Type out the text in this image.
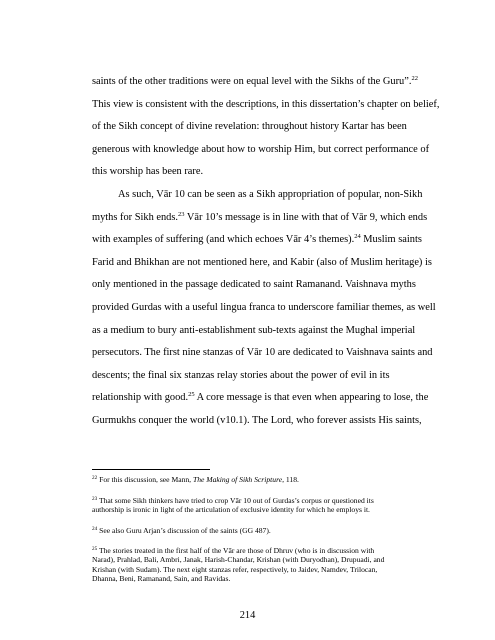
saints of the other traditions were on equal level with the Sikhs of the Guru”.$^{22}$
This view is consistent with the descriptions, in this dissertation’s chapter on belief,
of the Sikh concept of divine revelation: throughout history Kartar has been
generous with knowledge about how to worship Him, but correct performance of
this worship has been rare.
As such, Vār 10 can be seen as a Sikh appropriation of popular, non-Sikh
myths for Sikh ends.$^{23}$ Vār 10’s message is in line with that of Vār 9, which ends
with examples of suffering (and which echoes Vār 4’s themes).$^{24}$ Muslim saints
Farid and Bhikhan are not mentioned here, and Kabir (also of Muslim heritage) is
only mentioned in the passage dedicated to saint Ramanand. Vaishnava myths
provided Gurdas with a useful lingua franca to underscore familiar themes, as well
as a medium to bury anti-establishment sub-texts against the Mughal imperial
persecutors. The first nine stanzas of Vār 10 are dedicated to Vaishnava saints and
descents; the final six stanzas relay stories about the power of evil in its
relationship with good.$^{25}$ A core message is that even when appearing to lose, the
Gurmukhs conquer the world (v10.1). The Lord, who forever assists His saints,
$^{22}$ For this discussion, see Mann, The Making of Sikh Scripture, 118.
$^{23}$ That some Sikh thinkers have tried to crop Vār 10 out of Gurdas’s corpus or questioned its
authorship is ironic in light of the articulation of exclusive identity for which he employs it.
$^{24}$ See also Guru Arjan’s discussion of the saints (GG 487).
$^{25}$ The stories treated in the first half of the Vār are those of Dhruv (who is in discussion with
Narad), Prahlad, Bali, Ambri, Janak, Harish-Chandar, Krishan (with Duryodhan), Drupuadi, and
Krishan (with Sudam). The next eight stanzas refer, respectively, to Jaidev, Namdev, Trilocan,
Dhanna, Beni, Ramanand, Sain, and Ravidas.
214
